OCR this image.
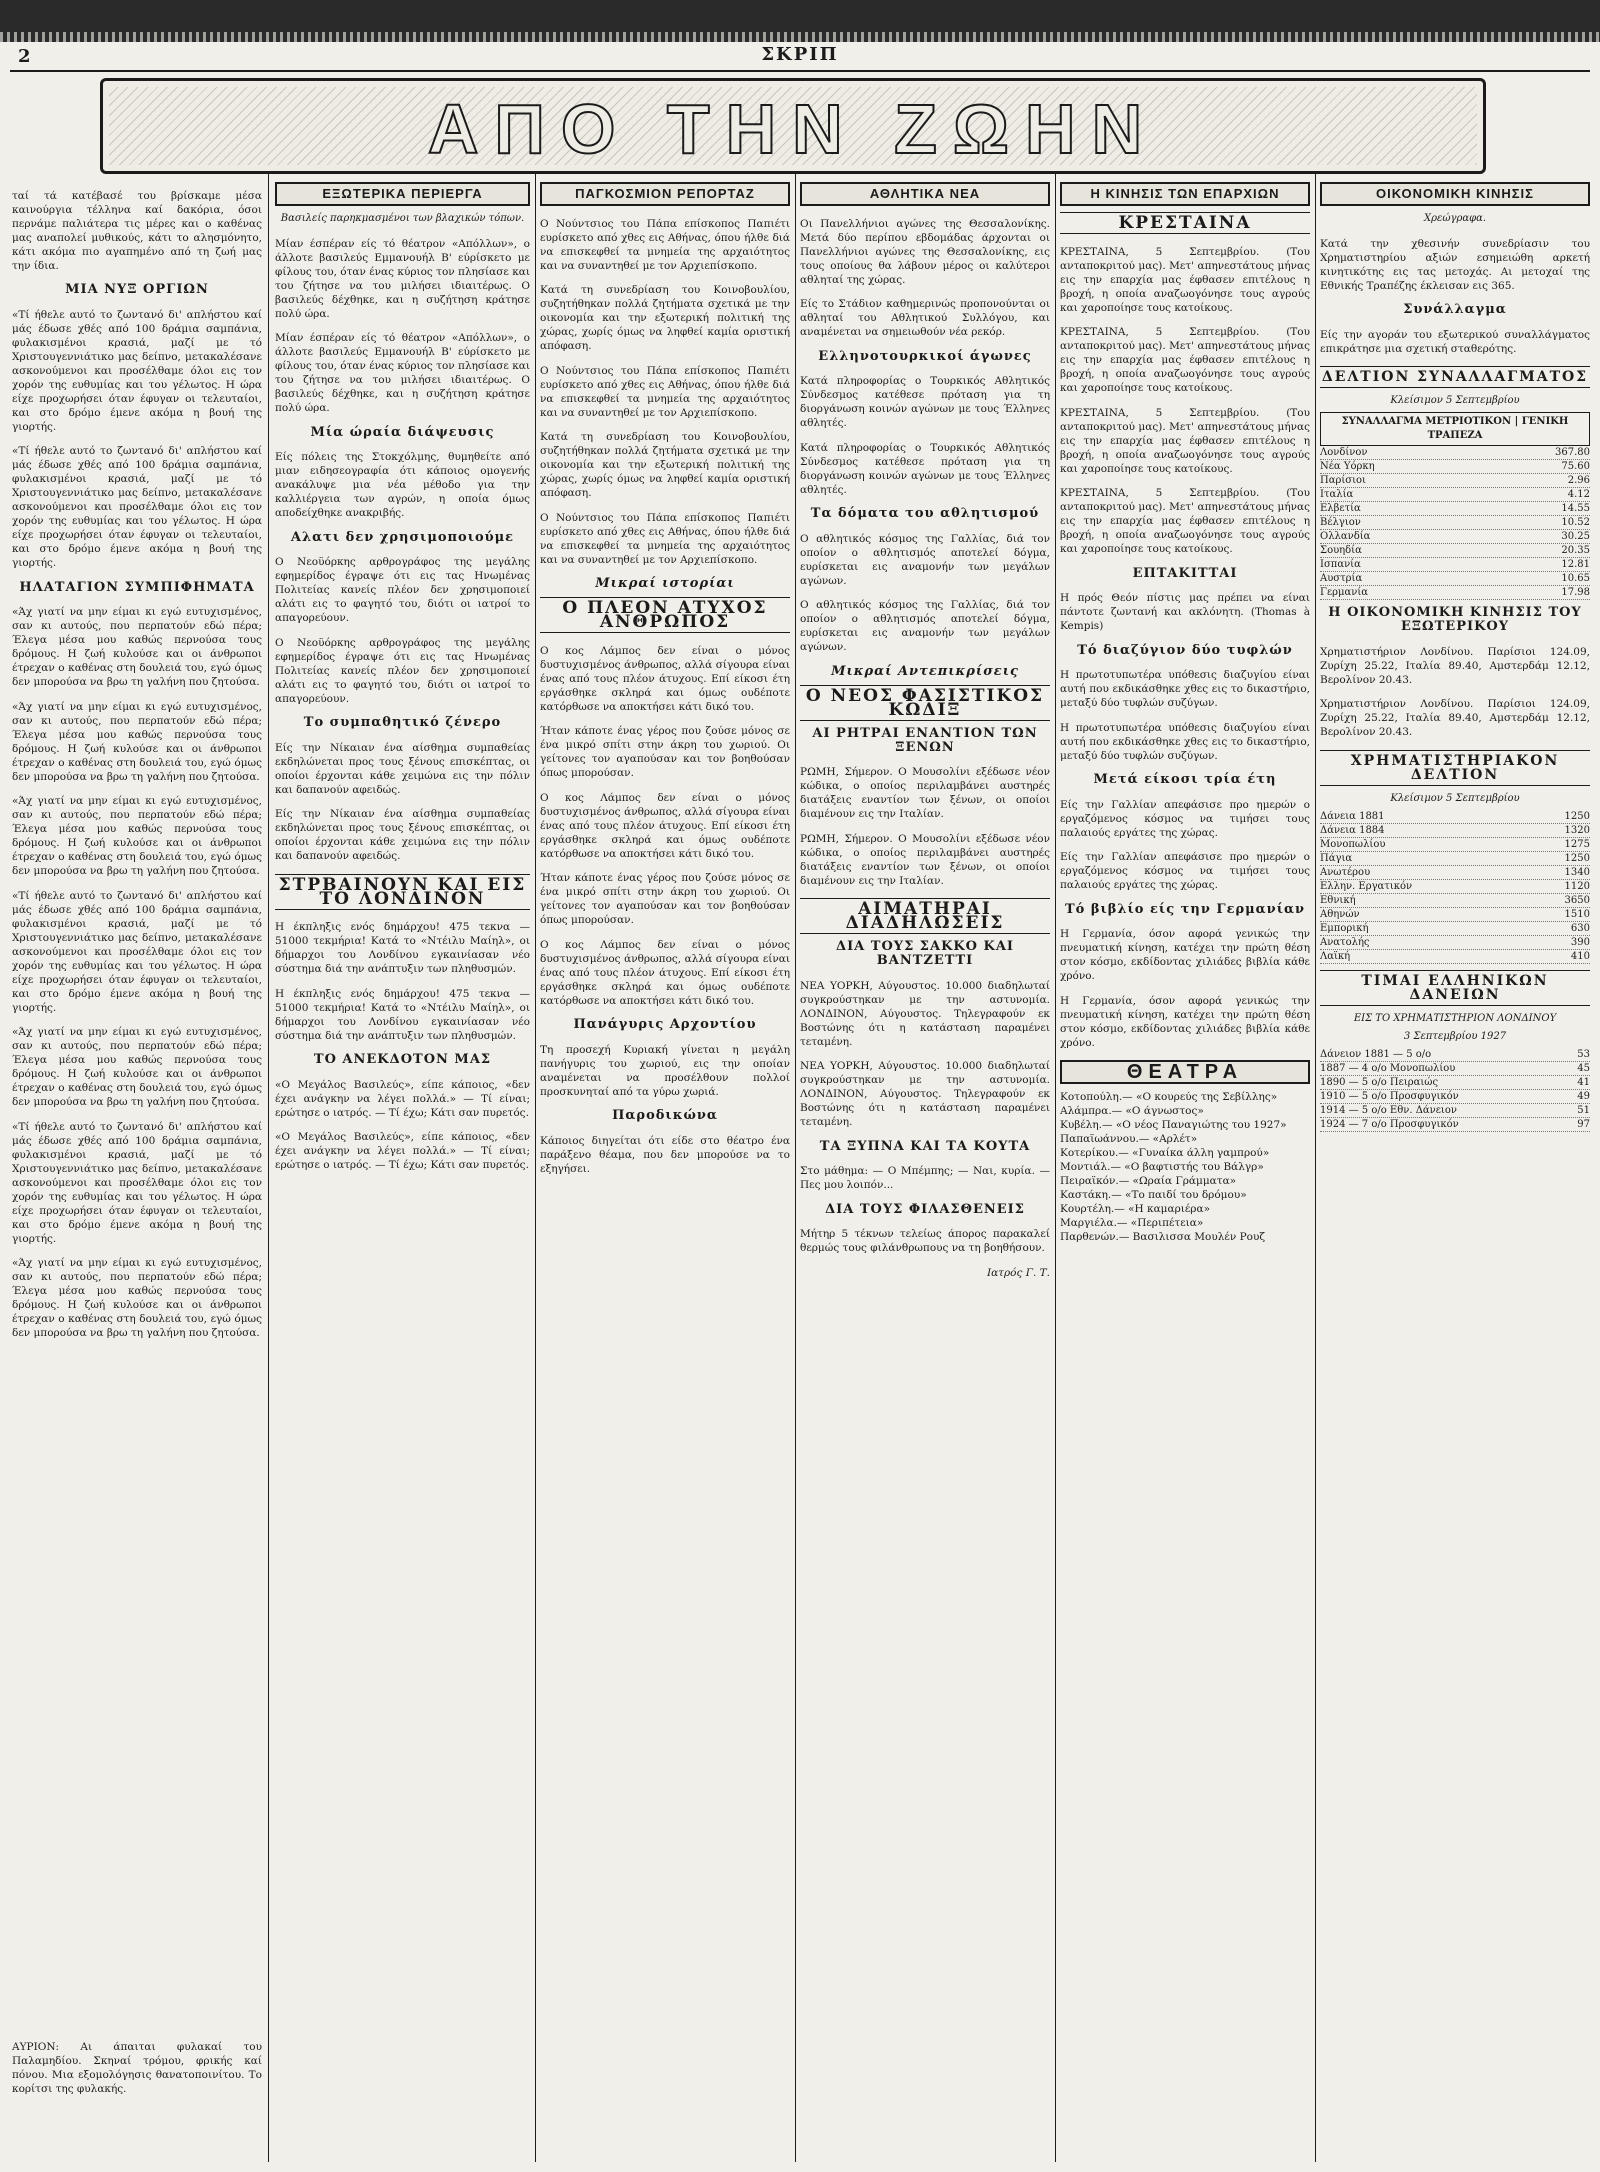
2	ΣΚΡΙΠ
ΑΠΟ ΤΗΝ ΖΩΗΝ

ταί τά κατέβασέ του βρίσκαμε μέσα καινούργια τέλληνα καί δακόρια, όσοι περνάμε παλιάτερα τις μέρες και ο καθένας μας αναπολεί μυθικούς, κάτι το αλησμόνητο, κάτι ακόμα πιο αγαπημένο από τη ζωή μας την ίδια.

ΜΙΑ ΝΥΞ ΟΡΓΙΩΝ

«Τί ήθελε αυτό το ζωντανό δι' απλήστου καί μάς έδωσε χθές από 100 δράμια σαμπάνια, φυλακισμένοι κρασιά, μαζί με τό Χριστουγεννιάτικο μας δείπνο, μετακαλέσανε ασκονούμενοι και προσέλθαμε όλοι εις τον χορόν της ευθυμίας και του γέλωτος. Η ώρα είχε προχωρήσει όταν έφυγαν οι τελευταίοι, και στο δρόμο έμενε ακόμα η βουή της γιορτής.

«Τί ήθελε αυτό το ζωντανό δι' απλήστου καί μάς έδωσε χθές από 100 δράμια σαμπάνια, φυλακισμένοι κρασιά, μαζί με τό Χριστουγεννιάτικο μας δείπνο, μετακαλέσανε ασκονούμενοι και προσέλθαμε όλοι εις τον χορόν της ευθυμίας και του γέλωτος. Η ώρα είχε προχωρήσει όταν έφυγαν οι τελευταίοι, και στο δρόμο έμενε ακόμα η βουή της γιορτής.

ΗΛΑΤΑΓΙΟΝ ΣΥΜΠΙΦΗΜΑΤΑ

«Άχ γιατί να μην είμαι κι εγώ ευτυχισμένος, σαν κι αυτούς, που περπατούν εδώ πέρα; Έλεγα μέσα μου καθώς περνούσα τους δρόμους. Η ζωή κυλούσε και οι άνθρωποι έτρεχαν ο καθένας στη δουλειά του, εγώ όμως δεν μπορούσα να βρω τη γαλήνη που ζητούσα.

«Άχ γιατί να μην είμαι κι εγώ ευτυχισμένος, σαν κι αυτούς, που περπατούν εδώ πέρα; Έλεγα μέσα μου καθώς περνούσα τους δρόμους. Η ζωή κυλούσε και οι άνθρωποι έτρεχαν ο καθένας στη δουλειά του, εγώ όμως δεν μπορούσα να βρω τη γαλήνη που ζητούσα.

«Άχ γιατί να μην είμαι κι εγώ ευτυχισμένος, σαν κι αυτούς, που περπατούν εδώ πέρα; Έλεγα μέσα μου καθώς περνούσα τους δρόμους. Η ζωή κυλούσε και οι άνθρωποι έτρεχαν ο καθένας στη δουλειά του, εγώ όμως δεν μπορούσα να βρω τη γαλήνη που ζητούσα.

«Τί ήθελε αυτό το ζωντανό δι' απλήστου καί μάς έδωσε χθές από 100 δράμια σαμπάνια, φυλακισμένοι κρασιά, μαζί με τό Χριστουγεννιάτικο μας δείπνο, μετακαλέσανε ασκονούμενοι και προσέλθαμε όλοι εις τον χορόν της ευθυμίας και του γέλωτος. Η ώρα είχε προχωρήσει όταν έφυγαν οι τελευταίοι, και στο δρόμο έμενε ακόμα η βουή της γιορτής.

«Άχ γιατί να μην είμαι κι εγώ ευτυχισμένος, σαν κι αυτούς, που περπατούν εδώ πέρα; Έλεγα μέσα μου καθώς περνούσα τους δρόμους. Η ζωή κυλούσε και οι άνθρωποι έτρεχαν ο καθένας στη δουλειά του, εγώ όμως δεν μπορούσα να βρω τη γαλήνη που ζητούσα.

«Τί ήθελε αυτό το ζωντανό δι' απλήστου καί μάς έδωσε χθές από 100 δράμια σαμπάνια, φυλακισμένοι κρασιά, μαζί με τό Χριστουγεννιάτικο μας δείπνο, μετακαλέσανε ασκονούμενοι και προσέλθαμε όλοι εις τον χορόν της ευθυμίας και του γέλωτος. Η ώρα είχε προχωρήσει όταν έφυγαν οι τελευταίοι, και στο δρόμο έμενε ακόμα η βουή της γιορτής.

«Άχ γιατί να μην είμαι κι εγώ ευτυχισμένος, σαν κι αυτούς, που περπατούν εδώ πέρα; Έλεγα μέσα μου καθώς περνούσα τους δρόμους. Η ζωή κυλούσε και οι άνθρωποι έτρεχαν ο καθένας στη δουλειά του, εγώ όμως δεν μπορούσα να βρω τη γαλήνη που ζητούσα.

ΑΥΡΙΟΝ: Αι άπαιται φυλακαί του Παλαμηδίου. Σκηναί τρόμου, φρικής καί πόνου. Μια εξομολόγησις θανατοποινίτου. Το κορίτσι της φυλακής.
ΕΞΩΤΕΡΙΚΑ ΠΕΡΙΕΡΓΑ
Βασιλείς παρηκμασμένοι των βλαχικών τόπων.

Μίαν έσπέραν είς τό θέατρον «Απόλλων», ο άλλοτε βασιλεύς Εμμανουήλ Β' εύρίσκετο με φίλους του, όταν ένας κύριος τον πλησίασε και του ζήτησε να του μιλήσει ιδιαιτέρως. Ο βασιλεύς δέχθηκε, και η συζήτηση κράτησε πολύ ώρα.

Μίαν έσπέραν είς τό θέατρον «Απόλλων», ο άλλοτε βασιλεύς Εμμανουήλ Β' εύρίσκετο με φίλους του, όταν ένας κύριος τον πλησίασε και του ζήτησε να του μιλήσει ιδιαιτέρως. Ο βασιλεύς δέχθηκε, και η συζήτηση κράτησε πολύ ώρα.

Μία ώραία διάψευσις

Είς πόλεις της Στοκχόλμης, θυμηθείτε από μιαν ειδησεογραφία ότι κάποιος ομογενής ανακάλυψε μια νέα μέθοδο για την καλλιέργεια των αγρών, η οποία όμως αποδείχθηκε ανακριβής.

Αλατι δεν χρησιμοποιούμε

Ο Νεοϋόρκης αρθρογράφος της μεγάλης εφημερίδος έγραψε ότι εις τας Ηνωμένας Πολιτείας κανείς πλέον δεν χρησιμοποιεί αλάτι εις το φαγητό του, διότι οι ιατροί το απαγορεύουν.

Ο Νεοϋόρκης αρθρογράφος της μεγάλης εφημερίδος έγραψε ότι εις τας Ηνωμένας Πολιτείας κανείς πλέον δεν χρησιμοποιεί αλάτι εις το φαγητό του, διότι οι ιατροί το απαγορεύουν.

Το συμπαθητικό ζένερο

Είς την Νίκαιαν ένα αίσθημα συμπαθείας εκδηλώνεται προς τους ξένους επισκέπτας, οι οποίοι έρχονται κάθε χειμώνα εις την πόλιν και δαπανούν αφειδώς.

Είς την Νίκαιαν ένα αίσθημα συμπαθείας εκδηλώνεται προς τους ξένους επισκέπτας, οι οποίοι έρχονται κάθε χειμώνα εις την πόλιν και δαπανούν αφειδώς.

ΣΤΡΒΑΙΝΟΥΝ ΚΑΙ ΕΙΣ ΤΟ ΛΟΝΔΙΝΟΝ

Η έκπληξις ενός δημάρχου! 475 τεκνα — 51000 τεκμήρια! Κατά το «Ντέιλυ Μαίηλ», οι δήμαρχοι του Λονδίνου εγκαινίασαν νέο σύστημα διά την ανάπτυξιν των πληθυσμών.

Η έκπληξις ενός δημάρχου! 475 τεκνα — 51000 τεκμήρια! Κατά το «Ντέιλυ Μαίηλ», οι δήμαρχοι του Λονδίνου εγκαινίασαν νέο σύστημα διά την ανάπτυξιν των πληθυσμών.

ΤΟ ΑΝΕΚΔΟΤΟΝ ΜΑΣ

«Ο Μεγάλος Βασιλεύς», είπε κάποιος, «δεν έχει ανάγκην να λέγει πολλά.» — Τί είναι; ερώτησε ο ιατρός. — Τί έχω; Κάτι σαν πυρετός.

«Ο Μεγάλος Βασιλεύς», είπε κάποιος, «δεν έχει ανάγκην να λέγει πολλά.» — Τί είναι; ερώτησε ο ιατρός. — Τί έχω; Κάτι σαν πυρετός.

ΠΑΓΚΟΣΜΙΟΝ ΡΕΠΟΡΤΑΖ

Ο Νούντσιος του Πάπα επίσκοπος Παπιέτι ευρίσκετο από χθες εις Αθήνας, όπου ήλθε διά να επισκεφθεί τα μνημεία της αρχαιότητος και να συναντηθεί με τον Αρχιεπίσκοπο.

Κατά τη συνεδρίαση του Κοινοβουλίου, συζητήθηκαν πολλά ζητήματα σχετικά με την οικονομία και την εξωτερική πολιτική της χώρας, χωρίς όμως να ληφθεί καμία οριστική απόφαση.

Ο Νούντσιος του Πάπα επίσκοπος Παπιέτι ευρίσκετο από χθες εις Αθήνας, όπου ήλθε διά να επισκεφθεί τα μνημεία της αρχαιότητος και να συναντηθεί με τον Αρχιεπίσκοπο.

Κατά τη συνεδρίαση του Κοινοβουλίου, συζητήθηκαν πολλά ζητήματα σχετικά με την οικονομία και την εξωτερική πολιτική της χώρας, χωρίς όμως να ληφθεί καμία οριστική απόφαση.

Ο Νούντσιος του Πάπα επίσκοπος Παπιέτι ευρίσκετο από χθες εις Αθήνας, όπου ήλθε διά να επισκεφθεί τα μνημεία της αρχαιότητος και να συναντηθεί με τον Αρχιεπίσκοπο.

Μικραί ιστορίαι
Ο ΠΛΕΟΝ ΑΤΥΧΟΣ ΑΝΘΡΩΠΟΣ

Ο κος Λάμπος δεν είναι ο μόνος δυστυχισμένος άνθρωπος, αλλά σίγουρα είναι ένας από τους πλέον άτυχους. Επί είκοσι έτη εργάσθηκε σκληρά και όμως ουδέποτε κατόρθωσε να αποκτήσει κάτι δικό του.

Ήταν κάποτε ένας γέρος που ζούσε μόνος σε ένα μικρό σπίτι στην άκρη του χωριού. Οι γείτονες τον αγαπούσαν και τον βοηθούσαν όπως μπορούσαν.

Ο κος Λάμπος δεν είναι ο μόνος δυστυχισμένος άνθρωπος, αλλά σίγουρα είναι ένας από τους πλέον άτυχους. Επί είκοσι έτη εργάσθηκε σκληρά και όμως ουδέποτε κατόρθωσε να αποκτήσει κάτι δικό του.

Ήταν κάποτε ένας γέρος που ζούσε μόνος σε ένα μικρό σπίτι στην άκρη του χωριού. Οι γείτονες τον αγαπούσαν και τον βοηθούσαν όπως μπορούσαν.

Ο κος Λάμπος δεν είναι ο μόνος δυστυχισμένος άνθρωπος, αλλά σίγουρα είναι ένας από τους πλέον άτυχους. Επί είκοσι έτη εργάσθηκε σκληρά και όμως ουδέποτε κατόρθωσε να αποκτήσει κάτι δικό του.

Πανάγυρις Αρχοντίου

Τη προσεχή Κυριακή γίνεται η μεγάλη πανήγυρις του χωριού, εις την οποίαν αναμένεται να προσέλθουν πολλοί προσκυνηταί από τα γύρω χωριά.

Παροδικώνα

Κάποιος διηγείται ότι είδε στο θέατρο ένα παράξενο θέαμα, που δεν μπορούσε να το εξηγήσει.

ΑΘΛΗΤΙΚΑ ΝΕΑ

Οι Πανελλήνιοι αγώνες της Θεσσαλονίκης. Μετά δύο περίπου εβδομάδας άρχονται οι Πανελλήνιοι αγώνες της Θεσσαλονίκης, εις τους οποίους θα λάβουν μέρος οι καλύτεροι αθληταί της χώρας.

Είς το Στάδιον καθημερινώς προπονούνται οι αθληταί του Αθλητικού Συλλόγου, και αναμένεται να σημειωθούν νέα ρεκόρ.

Ελληνοτουρκικοί άγωνες

Κατά πληροφορίας ο Τουρκικός Αθλητικός Σύνδεσμος κατέθεσε πρόταση για τη διοργάνωση κοινών αγώνων με τους Έλληνες αθλητές.

Κατά πληροφορίας ο Τουρκικός Αθλητικός Σύνδεσμος κατέθεσε πρόταση για τη διοργάνωση κοινών αγώνων με τους Έλληνες αθλητές.

Τα δόματα του αθλητισμού

Ο αθλητικός κόσμος της Γαλλίας, διά τον οποίον ο αθλητισμός αποτελεί δόγμα, ευρίσκεται εις αναμονήν των μεγάλων αγώνων.

Ο αθλητικός κόσμος της Γαλλίας, διά τον οποίον ο αθλητισμός αποτελεί δόγμα, ευρίσκεται εις αναμονήν των μεγάλων αγώνων.

Μικραί Αντεπικρίσεις
Ο ΝΕΟΣ ΦΑΣΙΣΤΙΚΟΣ ΚΩΔΙΞ
ΑΙ ΡΗΤΡΑΙ ΕΝΑΝΤΙΟΝ ΤΩΝ ΞΕΝΩΝ

ΡΩΜΗ, Σήμερον. Ο Μουσολίνι εξέδωσε νέον κώδικα, ο οποίος περιλαμβάνει αυστηρές διατάξεις εναντίον των ξένων, οι οποίοι διαμένουν εις την Ιταλίαν.

ΡΩΜΗ, Σήμερον. Ο Μουσολίνι εξέδωσε νέον κώδικα, ο οποίος περιλαμβάνει αυστηρές διατάξεις εναντίον των ξένων, οι οποίοι διαμένουν εις την Ιταλίαν.

ΑΙΜΑΤΗΡΑΙ ΔΙΑΔΗΛΩΣΕΙΣ
ΔΙΑ ΤΟΥΣ ΣΑΚΚΟ ΚΑΙ ΒΑΝΤΖΕΤΤΙ

ΝΕΑ ΥΟΡΚΗ, Αύγουστος. 10.000 διαδηλωταί συγκρούστηκαν με την αστυνομία. ΛΟΝΔΙΝΟΝ, Αύγουστος. Τηλεγραφούν εκ Βοστώνης ότι η κατάσταση παραμένει τεταμένη.

ΝΕΑ ΥΟΡΚΗ, Αύγουστος. 10.000 διαδηλωταί συγκρούστηκαν με την αστυνομία. ΛΟΝΔΙΝΟΝ, Αύγουστος. Τηλεγραφούν εκ Βοστώνης ότι η κατάσταση παραμένει τεταμένη.

ΤΑ ΞΥΠΝΑ ΚΑΙ ΤΑ ΚΟΥΤΑ

Στο μάθημα: — Ο Μπέμπης; — Ναι, κυρία. — Πες μου λοιπόν...

ΔΙΑ ΤΟΥΣ ΦΙΛΑΣΘΕΝΕΙΣ

Μήτηρ 5 τέκνων τελείως άπορος παρακαλεί θερμώς τους φιλάνθρωπους να τη βοηθήσουν.

Ιατρός Γ. Τ.

Η ΚΙΝΗΣΙΣ ΤΩΝ ΕΠΑΡΧΙΩΝ
ΚΡΕΣΤΑΙΝΑ

ΚΡΕΣΤΑΙΝΑ, 5 Σεπτεμβρίου. (Του ανταποκριτού μας). Μετ' απηνεστάτους μήνας εις την επαρχία μας έφθασεν επιτέλους η βροχή, η οποία αναζωογόνησε τους αγρούς και χαροποίησε τους κατοίκους.

ΚΡΕΣΤΑΙΝΑ, 5 Σεπτεμβρίου. (Του ανταποκριτού μας). Μετ' απηνεστάτους μήνας εις την επαρχία μας έφθασεν επιτέλους η βροχή, η οποία αναζωογόνησε τους αγρούς και χαροποίησε τους κατοίκους.

ΚΡΕΣΤΑΙΝΑ, 5 Σεπτεμβρίου. (Του ανταποκριτού μας). Μετ' απηνεστάτους μήνας εις την επαρχία μας έφθασεν επιτέλους η βροχή, η οποία αναζωογόνησε τους αγρούς και χαροποίησε τους κατοίκους.

ΚΡΕΣΤΑΙΝΑ, 5 Σεπτεμβρίου. (Του ανταποκριτού μας). Μετ' απηνεστάτους μήνας εις την επαρχία μας έφθασεν επιτέλους η βροχή, η οποία αναζωογόνησε τους αγρούς και χαροποίησε τους κατοίκους.

ΕΠΤΑΚΙΤΤΑΙ

Η πρός Θεόν πίστις μας πρέπει να είναι πάντοτε ζωντανή και ακλόνητη. (Thomas à Kempis)

Τό διαζύγιον δύο τυφλών

Η πρωτοτυπωτέρα υπόθεσις διαζυγίου είναι αυτή που εκδικάσθηκε χθες εις το δικαστήριο, μεταξύ δύο τυφλών συζύγων.

Η πρωτοτυπωτέρα υπόθεσις διαζυγίου είναι αυτή που εκδικάσθηκε χθες εις το δικαστήριο, μεταξύ δύο τυφλών συζύγων.

Μετά είκοσι τρία έτη

Είς την Γαλλίαν απεφάσισε προ ημερών ο εργαζόμενος κόσμος να τιμήσει τους παλαιούς εργάτες της χώρας.

Είς την Γαλλίαν απεφάσισε προ ημερών ο εργαζόμενος κόσμος να τιμήσει τους παλαιούς εργάτες της χώρας.

Τό βιβλίο είς την Γερμανίαν

Η Γερμανία, όσον αφορά γενικώς την πνευματική κίνηση, κατέχει την πρώτη θέση στον κόσμο, εκδίδοντας χιλιάδες βιβλία κάθε χρόνο.

Η Γερμανία, όσον αφορά γενικώς την πνευματική κίνηση, κατέχει την πρώτη θέση στον κόσμο, εκδίδοντας χιλιάδες βιβλία κάθε χρόνο.

ΘΕΑΤΡΑ
Κοτοπούλη.— «Ο κουρεύς της Σεβίλλης»
Αλάμπρα.— «Ο άγνωστος»
Κυβέλη.— «Ο νέος Παναγιώτης του 1927»
Παπαϊωάννου.— «Αρλέτ»
Κοτερίκου.— «Γυναίκα άλλη γαμπρού»
Μοντιάλ.— «Ο βαφτιστής του Βάλγρ»
Πειραϊκόν.— «Ωραία Γράμματα»
Καστάκη.— «Το παιδί του δρόμου»
Κουρτέλη.— «Η καμαριέρα»
Μαργιέλα.— «Περιπέτεια»
Παρθενών.— Βασιλισσα Μουλέν Ρουζ
ΟΙΚΟΝΟΜΙΚΗ ΚΙΝΗΣΙΣ
Χρεώγραφα.

Κατά την χθεσινήν συνεδρίασιν του Χρηματιστηρίου αξιών εσημειώθη αρκετή κινητικότης εις τας μετοχάς. Αι μετοχαί της Εθνικής Τραπέζης έκλεισαν εις 365.

Συνάλλαγμα

Είς την αγοράν του εξωτερικού συναλλάγματος επικράτησε μια σχετική σταθερότης.

ΔΕΛΤΙΟΝ ΣΥΝΑΛΛΑΓΜΑΤΟΣ
Κλείσιμον 5 Σεπτεμβρίου
ΣΥΝΑΛΛΑΓΜΑ ΜΕΤΡΙΟΤΙΚΟΝ | ΓΕΝΙΚΗ ΤΡΑΠΕΖΑ
Λονδίνον	367.80
Νέα Υόρκη	75.60
Παρίσιοι	2.96
Ιταλία	4.12
Ελβετία	14.55
Βέλγιον	10.52
Ολλανδία	30.25
Σουηδία	20.35
Ισπανία	12.81
Αυστρία	10.65
Γερμανία	17.98
Η ΟΙΚΟΝΟΜΙΚΗ ΚΙΝΗΣΙΣ ΤΟΥ ΕΞΩΤΕΡΙΚΟΥ

Χρηματιστήριον Λονδίνου. Παρίσιοι 124.09, Ζυρίχη 25.22, Ιταλία 89.40, Αμστερδάμ 12.12, Βερολίνον 20.43.

Χρηματιστήριον Λονδίνου. Παρίσιοι 124.09, Ζυρίχη 25.22, Ιταλία 89.40, Αμστερδάμ 12.12, Βερολίνον 20.43.

ΧΡΗΜΑΤΙΣΤΗΡΙΑΚΟΝ ΔΕΛΤΙΟΝ
Κλείσιμον 5 Σεπτεμβρίου
Δάνεια 1881	1250
Δάνεια 1884	1320
Μονοπωλίου	1275
Πάγια	1250
Ανωτέρου	1340
Ελλην. Εργατικόν	1120
Εθνική	3650
Αθηνών	1510
Εμπορική	630
Ανατολής	390
Λαϊκή	410
ΤΙΜΑΙ ΕΛΛΗΝΙΚΩΝ ΔΑΝΕΙΩΝ
ΕΙΣ ΤΟ ΧΡΗΜΑΤΙΣΤΗΡΙΟΝ ΛΟΝΔΙΝΟΥ
3 Σεπτεμβρίου 1927
Δάνειον 1881 — 5 ο/ο	53
1887 — 4 ο/ο Μονοπωλίου	45
1890 — 5 ο/ο Πειραιώς	41
1910 — 5 ο/ο Προσφυγικόν	49
1914 — 5 ο/ο Εθν. Δάνειον	51
1924 — 7 ο/ο Προσφυγικόν	97
